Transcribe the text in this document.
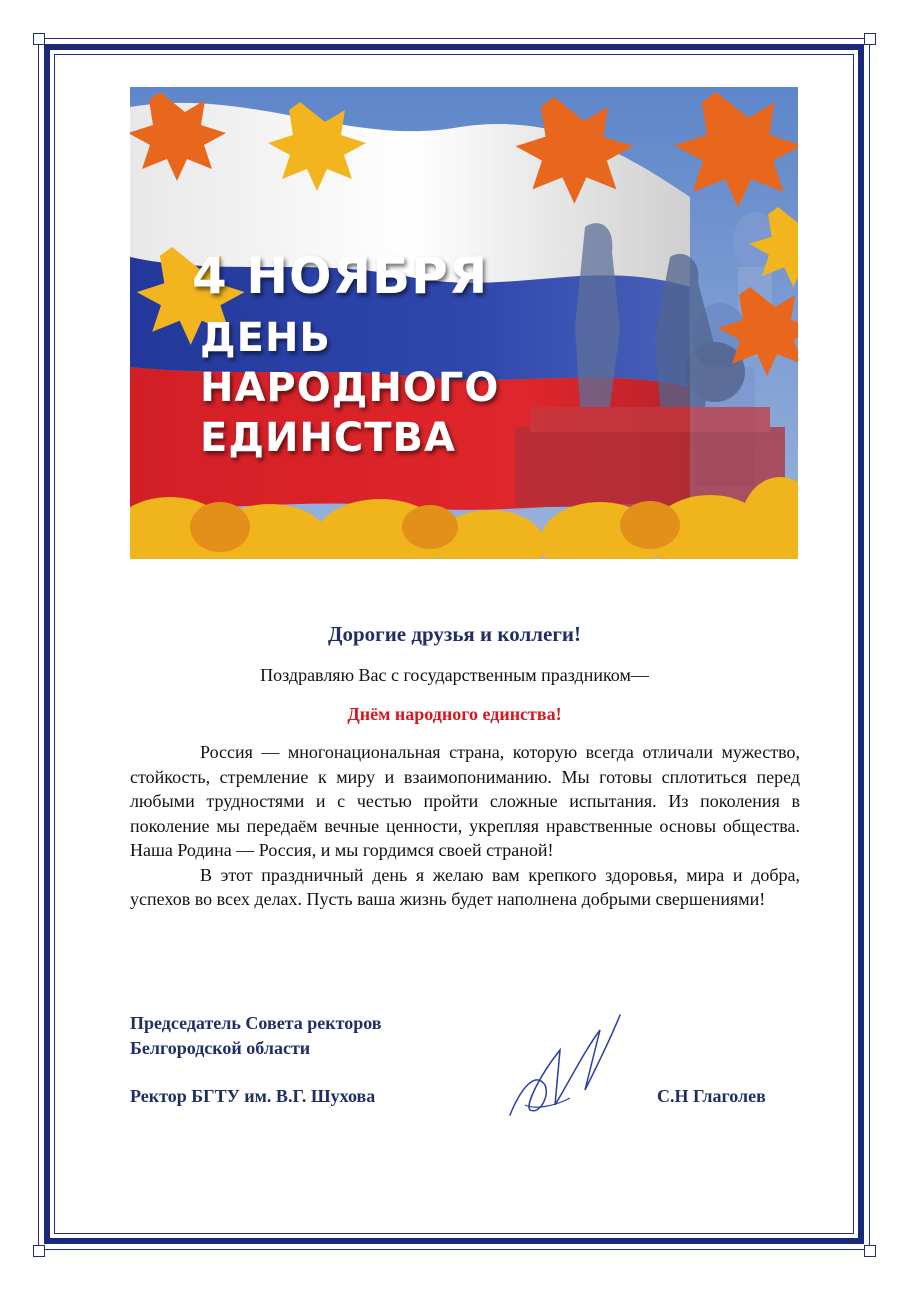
4 НОЯБРЯ
ДЕНЬ
НАРОДНОГО
ЕДИНСТВА
Дорогие друзья и коллеги!
Поздравляю Вас с государственным праздником—
Днём народного единства!

Россия — многонациональная страна, которую всегда отличали мужество, стойкость, стремление к миру и взаимопониманию. Мы готовы сплотиться перед любыми трудностями и с честью пройти сложные испытания. Из поколения в поколение мы передаём вечные ценности, укрепляя нравственные основы общества. Наша Родина — Россия, и мы гордимся своей страной!

В этот праздничный день я желаю вам крепкого здоровья, мира и добра, успехов во всех делах. Пусть ваша жизнь будет наполнена добрыми свершениями!

Председатель Совета ректоров
Белгородской области
Ректор БГТУ им. В.Г. Шухова	С.Н Глаголев
